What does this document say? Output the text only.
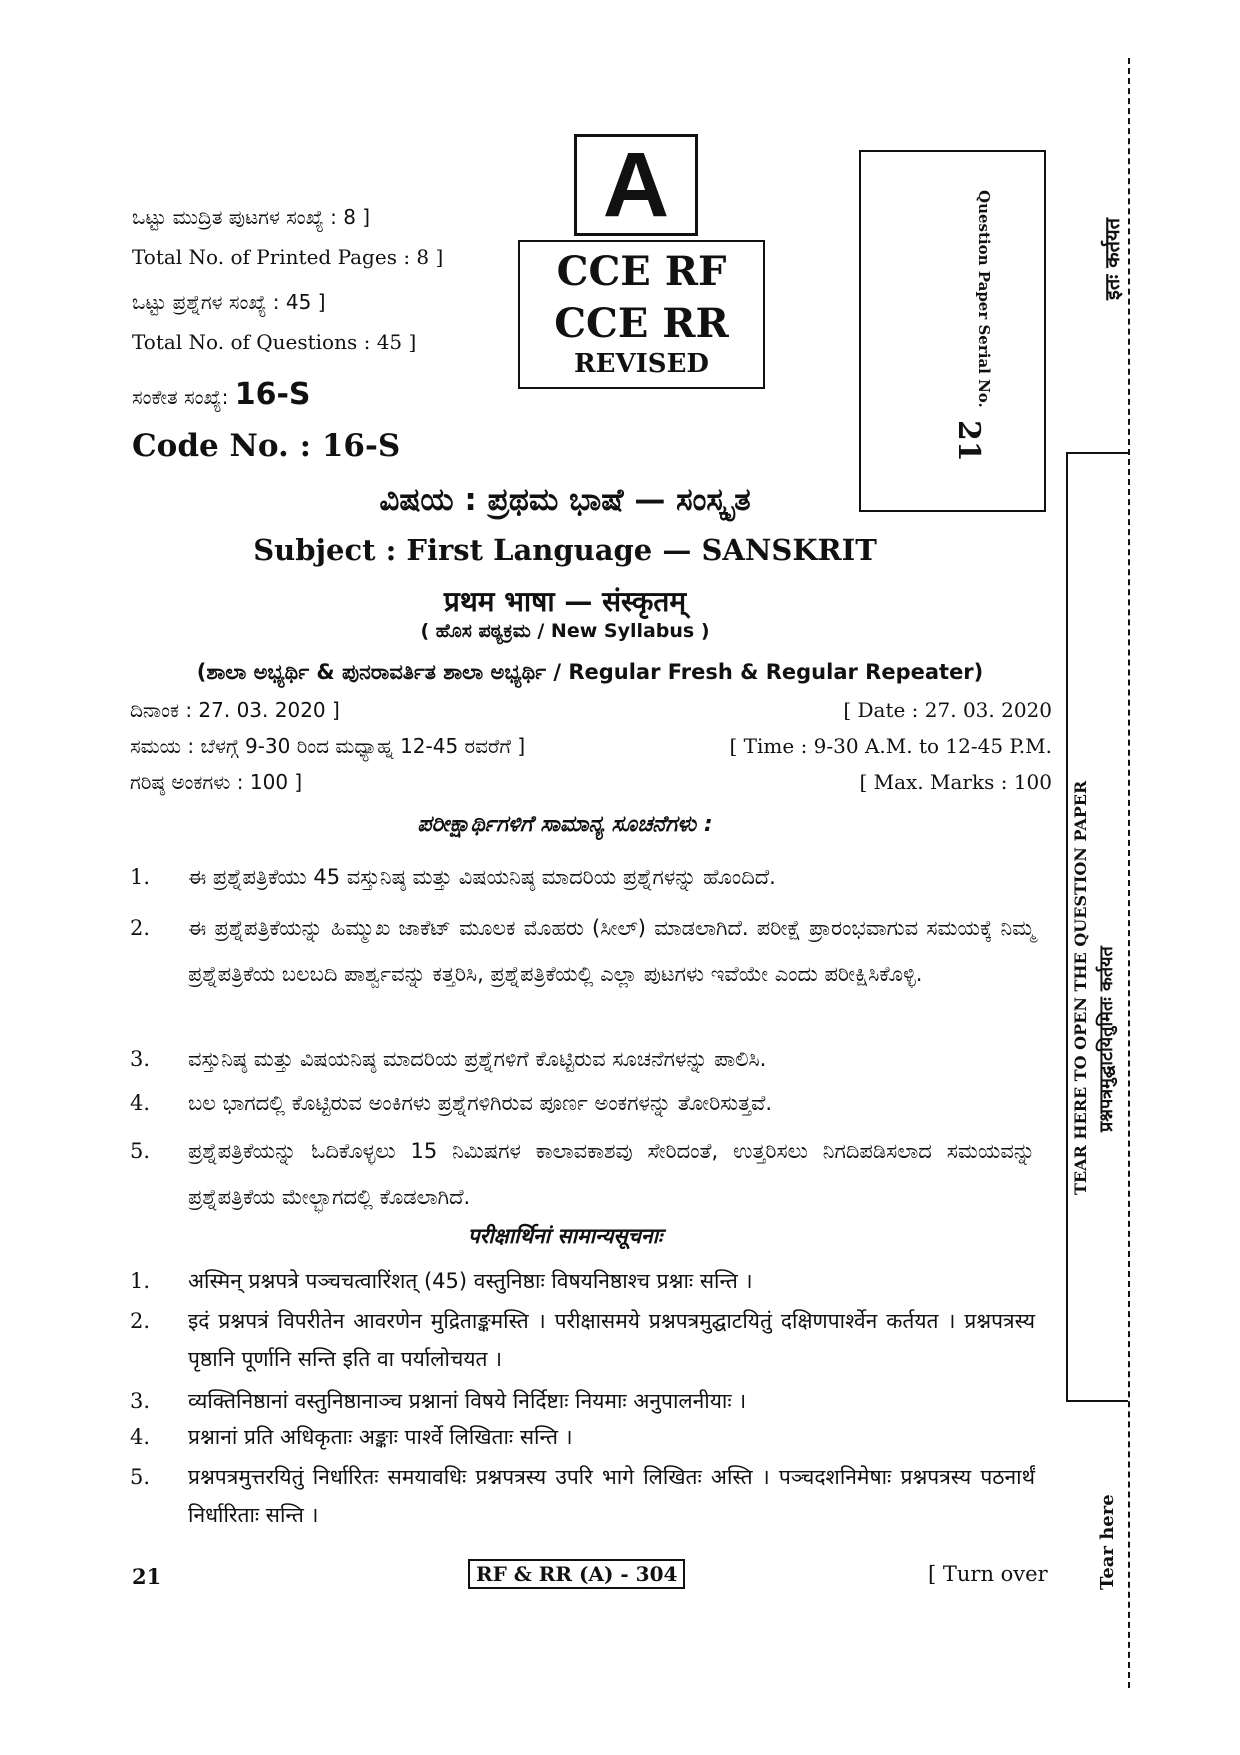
A
CCE RF
CCE RR
REVISED	Question Paper Serial No.
21
ಒಟ್ಟು ಮುದ್ರಿತ ಪುಟಗಳ ಸಂಖ್ಯೆ : 8 ]
Total No. of Printed Pages : 8 ]
ಒಟ್ಟು ಪ್ರಶ್ನೆಗಳ ಸಂಖ್ಯೆ : 45 ]
Total No. of Questions : 45 ]
ಸಂಕೇತ ಸಂಖ್ಯೆ: 16-S
Code No. : 16-S
ವಿಷಯ : ಪ್ರಥಮ ಭಾಷೆ — ಸಂಸ್ಕೃತ
Subject : First Language — SANSKRIT
प्रथम भाषा — संस्कृतम्
( ಹೊಸ ಪಠ್ಯಕ್ರಮ / New Syllabus )
(ಶಾಲಾ ಅಭ್ಯರ್ಥಿ & ಪುನರಾವರ್ತಿತ ಶಾಲಾ ಅಭ್ಯರ್ಥಿ / Regular Fresh & Regular Repeater)
ದಿನಾಂಕ : 27. 03. 2020 ]	[ Date : 27. 03. 2020
ಸಮಯ : ಬೆಳಗ್ಗೆ 9-30 ರಿಂದ ಮಧ್ಯಾಹ್ನ 12-45 ರವರೆಗೆ ]	[ Time : 9-30 A.M. to 12-45 P.M.
ಗರಿಷ್ಠ ಅಂಕಗಳು : 100 ]	[ Max. Marks : 100
ಪರೀಕ್ಷಾರ್ಥಿಗಳಿಗೆ ಸಾಮಾನ್ಯ ಸೂಚನೆಗಳು :
1.	ಈ ಪ್ರಶ್ನೆಪತ್ರಿಕೆಯು 45 ವಸ್ತುನಿಷ್ಠ ಮತ್ತು ವಿಷಯನಿಷ್ಠ ಮಾದರಿಯ ಪ್ರಶ್ನೆಗಳನ್ನು ಹೊಂದಿದೆ.
2.	ಈ ಪ್ರಶ್ನೆಪತ್ರಿಕೆಯನ್ನು ಹಿಮ್ಮುಖ ಜಾಕೆಟ್ ಮೂಲಕ ಮೊಹರು (ಸೀಲ್) ಮಾಡಲಾಗಿದೆ. ಪರೀಕ್ಷೆ ಪ್ರಾರಂಭವಾಗುವ ಸಮಯಕ್ಕೆ ನಿಮ್ಮ ಪ್ರಶ್ನೆಪತ್ರಿಕೆಯ ಬಲಬದಿ ಪಾರ್ಶ್ವವನ್ನು ಕತ್ತರಿಸಿ, ಪ್ರಶ್ನೆಪತ್ರಿಕೆಯಲ್ಲಿ ಎಲ್ಲಾ ಪುಟಗಳು ಇವೆಯೇ ಎಂದು ಪರೀಕ್ಷಿಸಿಕೊಳ್ಳಿ.
3.	ವಸ್ತುನಿಷ್ಠ ಮತ್ತು ವಿಷಯನಿಷ್ಠ ಮಾದರಿಯ ಪ್ರಶ್ನೆಗಳಿಗೆ ಕೊಟ್ಟಿರುವ ಸೂಚನೆಗಳನ್ನು ಪಾಲಿಸಿ.
4.	ಬಲ ಭಾಗದಲ್ಲಿ ಕೊಟ್ಟಿರುವ ಅಂಕಿಗಳು ಪ್ರಶ್ನೆಗಳಿಗಿರುವ ಪೂರ್ಣ ಅಂಕಗಳನ್ನು ತೋರಿಸುತ್ತವೆ.
5.	ಪ್ರಶ್ನೆಪತ್ರಿಕೆಯನ್ನು ಓದಿಕೊಳ್ಳಲು 15 ನಿಮಿಷಗಳ ಕಾಲಾವಕಾಶವು ಸೇರಿದಂತೆ, ಉತ್ತರಿಸಲು ನಿಗದಿಪಡಿಸಲಾದ ಸಮಯವನ್ನು ಪ್ರಶ್ನೆಪತ್ರಿಕೆಯ ಮೇಲ್ಭಾಗದಲ್ಲಿ ಕೊಡಲಾಗಿದೆ.
परीक्षार्थिनां सामान्यसूचनाः
1.	अस्मिन् प्रश्नपत्रे पञ्चचत्वारिंशत् (45) वस्तुनिष्ठाः विषयनिष्ठाश्च प्रश्नाः सन्ति ।
2.	इदं प्रश्नपत्रं विपरीतेन आवरणेन मुद्रिताङ्कमस्ति । परीक्षासमये प्रश्नपत्रमुद्घाटयितुं दक्षिणपार्श्वेन कर्तयत । प्रश्नपत्रस्य पृष्ठानि पूर्णानि सन्ति इति वा पर्यालोचयत ।
3.	व्यक्तिनिष्ठानां वस्तुनिष्ठानाञ्च प्रश्नानां विषये निर्दिष्टाः नियमाः अनुपालनीयाः ।
4.	प्रश्नानां प्रति अधिकृताः अङ्काः पार्श्वे लिखिताः सन्ति ।
5.	प्रश्नपत्रमुत्तरयितुं निर्धारितः समयावधिः प्रश्नपत्रस्य उपरि भागे लिखितः अस्ति । पञ्चदशनिमेषाः प्रश्नपत्रस्य पठनार्थं निर्धारिताः सन्ति ।
21	RF & RR (A) - 304	[ Turn over
इतः कर्तयत
TEAR HERE TO OPEN THE QUESTION PAPER प्रश्नपत्रमुद्घाटयितुमितः कर्तयत
Tear here
